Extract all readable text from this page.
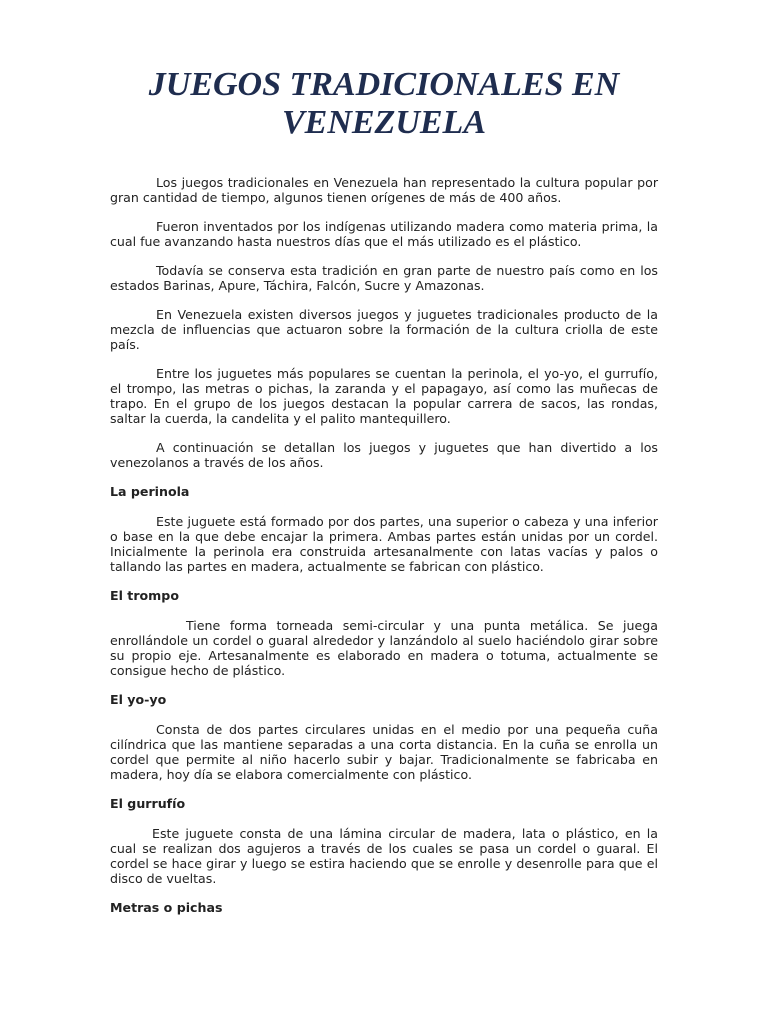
JUEGOS TRADICIONALES EN VENEZUELA

Los juegos tradicionales en Venezuela han representado la cultura popular por gran cantidad de tiempo, algunos tienen orígenes de más de 400 años.

Fueron inventados por los indígenas utilizando madera como materia prima, la cual fue avanzando hasta nuestros días que el más utilizado es el plástico.

Todavía se conserva esta tradición en gran parte de nuestro país como en los estados Barinas, Apure, Táchira, Falcón, Sucre y Amazonas.

En Venezuela existen diversos juegos y juguetes tradicionales producto de la mezcla de influencias que actuaron sobre la formación de la cultura criolla de este país.

Entre los juguetes más populares se cuentan la perinola, el yo-yo, el gurrufío, el trompo, las metras o pichas, la zaranda y el papagayo, así como las muñecas de trapo. En el grupo de los juegos destacan la popular carrera de sacos, las rondas, saltar la cuerda, la candelita y el palito mantequillero.

A continuación se detallan los juegos y juguetes que han divertido a los venezolanos a través de los años.

La perinola

Este juguete está formado por dos partes, una superior o cabeza y una inferior o base en la que debe encajar la primera. Ambas partes están unidas por un cordel. Inicialmente la perinola era construida artesanalmente con latas vacías y palos o tallando las partes en madera, actualmente se fabrican con plástico.

El trompo

Tiene forma torneada semi-circular y una punta metálica. Se juega enrollándole un cordel o guaral alrededor y lanzándolo al suelo haciéndolo girar sobre su propio eje. Artesanalmente es elaborado en madera o totuma, actualmente se consigue hecho de plástico.

El yo-yo

Consta de dos partes circulares unidas en el medio por una pequeña cuña cilíndrica que las mantiene separadas a una corta distancia. En la cuña se enrolla un cordel que permite al niño hacerlo subir y bajar. Tradicionalmente se fabricaba en madera, hoy día se elabora comercialmente con plástico.

El gurrufío

Este juguete consta de una lámina circular de madera, lata o plástico, en la cual se realizan dos agujeros a través de los cuales se pasa un cordel o guaral. El cordel se hace girar y luego se estira haciendo que se enrolle y desenrolle para que el disco de vueltas.

Metras o pichas
